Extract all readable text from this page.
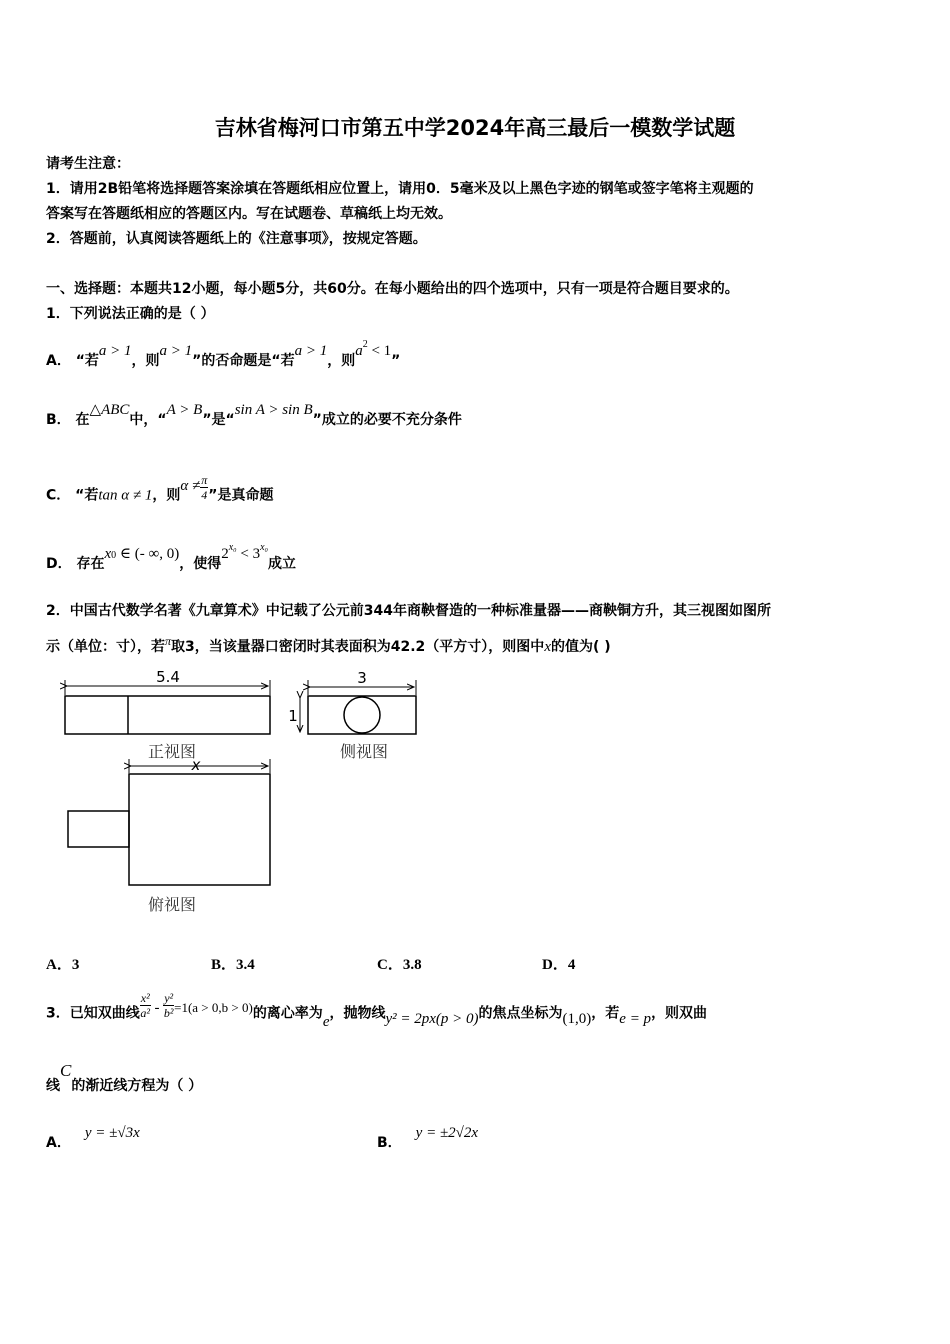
吉林省梅河口市第五中学2024年高三最后一模数学试题
请考生注意：
1．请用2B铅笔将选择题答案涂填在答题纸相应位置上，请用0．5毫米及以上黑色字迹的钢笔或签字笔将主观题的
答案写在答题纸相应的答题区内。写在试题卷、草稿纸上均无效。
2．答题前，认真阅读答题纸上的《注意事项》，按规定答题。
一、选择题：本题共12小题，每小题5分，共60分。在每小题给出的四个选项中，只有一项是符合题目要求的。
1．下列说法正确的是（ ）
A． “若a > 1，则a > 1”的否命题是“若a > 1，则$a^2 < 1$”
B． 在△ABC中，“A > B”是“sin A > sin B”成立的必要不充分条件
C． “若tan α ≠ 1，则$\alpha \ne \frac{\pi}{4}$ ”是真命题
D． 存在x0 ∈ (- ∞, 0)，使得$2^{x_0} < 3^{x_0}$成立
2．中国古代数学名著《九章算术》中记载了公元前344年商鞅督造的一种标准量器——商鞅铜方升，其三视图如图所
示（单位：寸），若π取3，当该量器口密闭时其表面积为42.2（平方寸），则图中x的值为( )
5.4
正视图
3
1
侧视图
x
俯视图
A．3	B．3.4	C．3.8	D．4
3．已知双曲线 $\frac{\text{x²}}{\text{a²}} - \frac{\text{y²}}{\text{b²}} =1(a > 0,b > 0)$的离心率为e，抛物线y² = 2px(p > 0)的焦点坐标为(1,0)，若e = p，则双曲
线C的渐近线方程为（ ）
A．y = ±√3x
B．y = ±2√2x
